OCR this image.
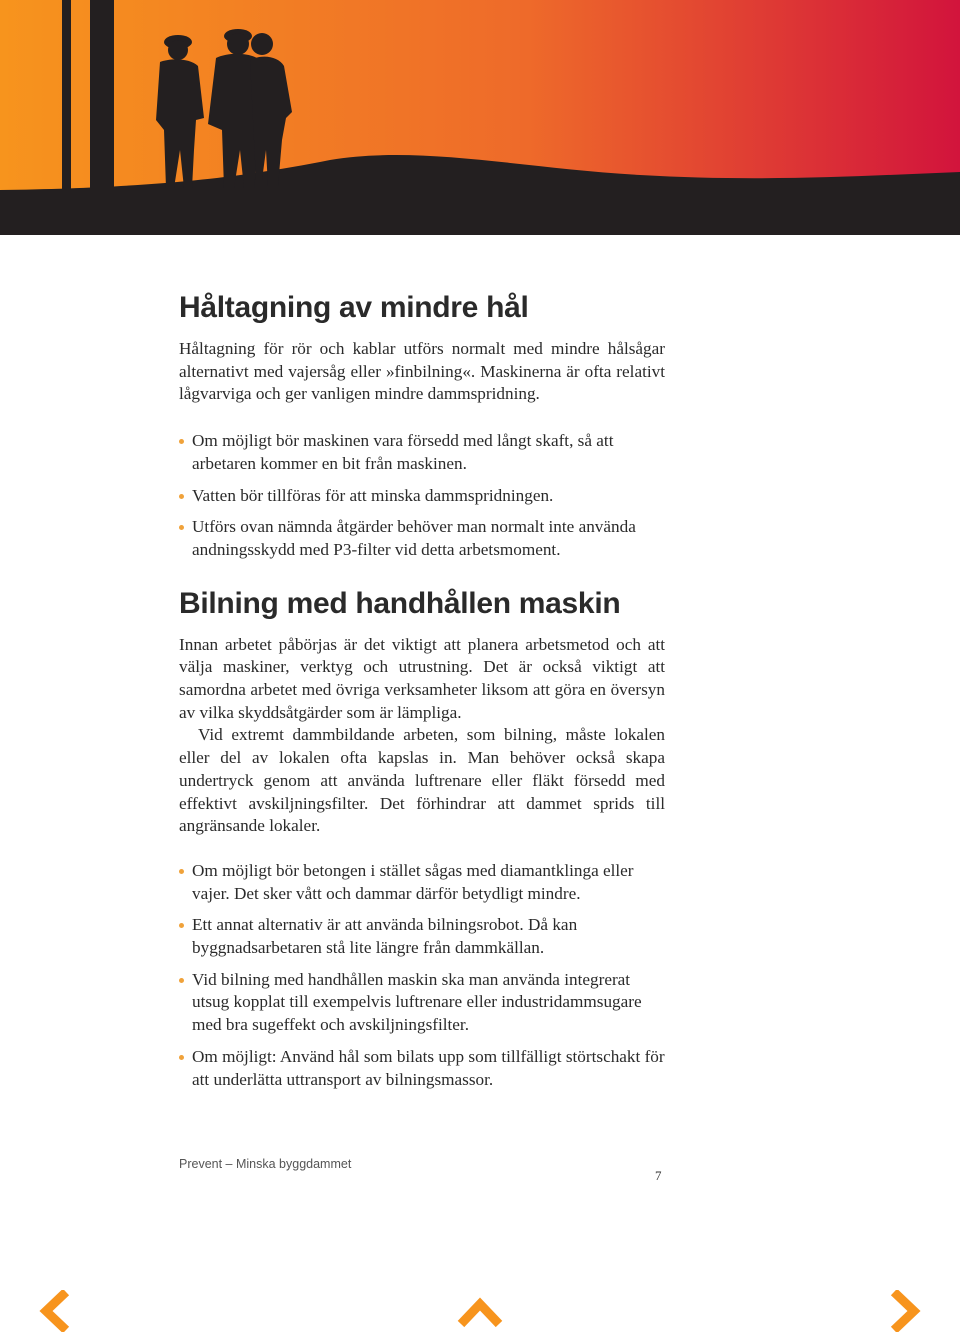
Håltagning av mindre hål

Håltagning för rör och kablar utförs normalt med mindre hålsågar alternativt med vajersåg eller »finbilning«. Maskinerna är ofta relativt lågvarviga och ger vanligen mindre dammspridning.

Om möjligt bör maskinen vara försedd med långt skaft, så att arbetaren kommer en bit från maskinen.
Vatten bör tillföras för att minska dammspridningen.
Utförs ovan nämnda åtgärder behöver man normalt inte använda andningsskydd med P3-filter vid detta arbetsmoment.
Bilning med handhållen maskin

Innan arbetet påbörjas är det viktigt att planera arbetsmetod och att välja maskiner, verktyg och utrustning. Det är också viktigt att samordna arbetet med övriga verksamheter liksom att göra en översyn av vilka skyddsåtgärder som är lämpliga.

Vid extremt dammbildande arbeten, som bilning, måste lokalen eller del av lokalen ofta kapslas in. Man behöver också skapa undertryck genom att använda luftrenare eller fläkt försedd med effektivt avskiljningsfilter. Det förhindrar att dammet sprids till angränsande lokaler.

Om möjligt bör betongen i stället sågas med diamantklinga eller vajer. Det sker vått och dammar därför betydligt mindre.
Ett annat alternativ är att använda bilningsrobot. Då kan byggnadsarbetaren stå lite längre från dammkällan.
Vid bilning med handhållen maskin ska man använda integrerat utsug kopplat till exempelvis luftrenare eller industridammsugare med bra sugeffekt och avskiljningsfilter.
Om möjligt: Använd hål som bilats upp som tillfälligt störtschakt för att underlätta uttransport av bilningsmassor.
Prevent – Minska byggdammet
7
